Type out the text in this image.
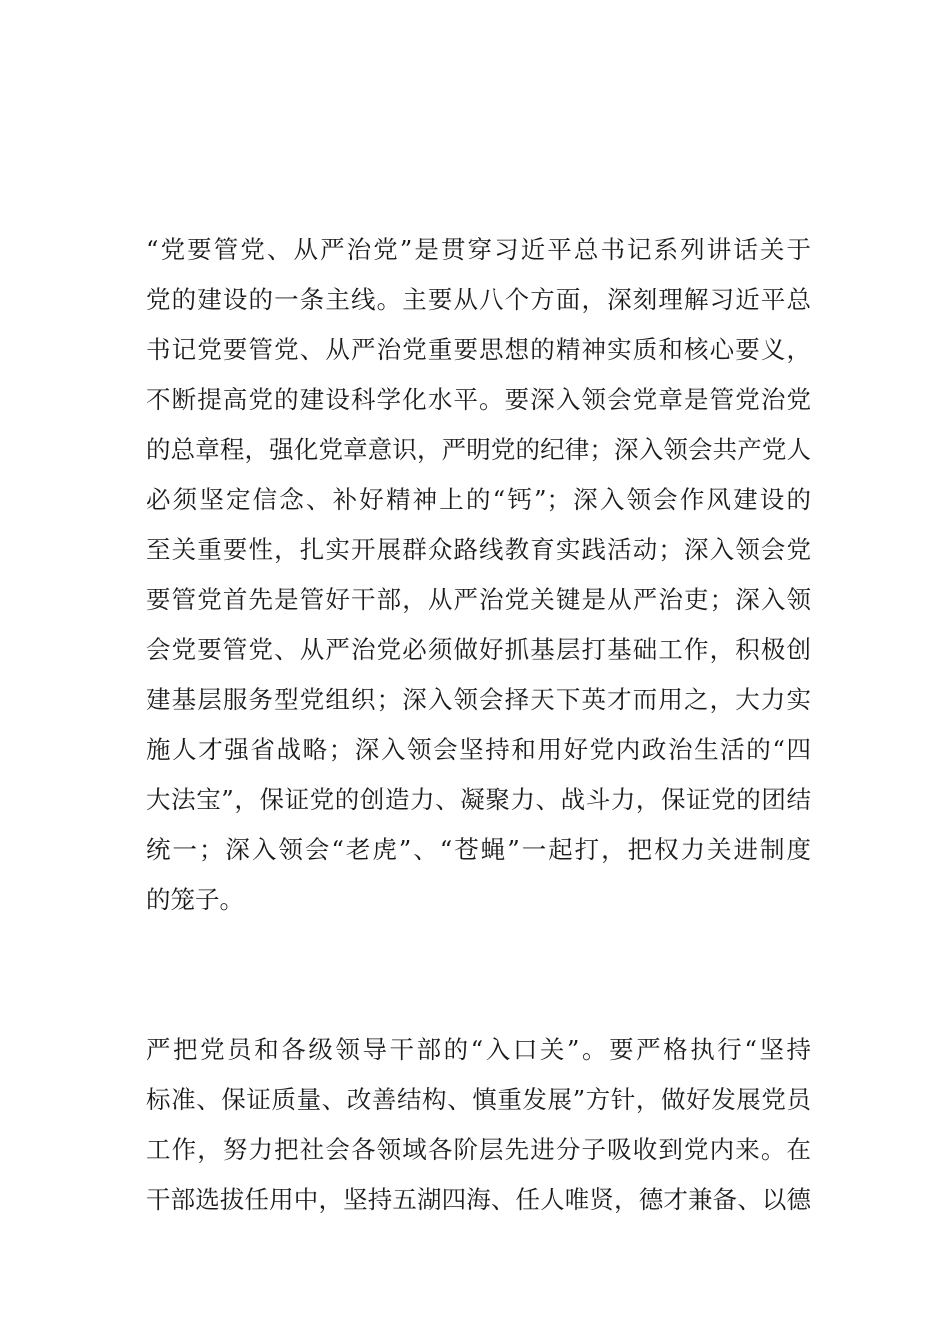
“党要管党、从严治党”是贯穿习近平总书记系列讲话关于
党的建设的一条主线。主要从八个方面，深刻理解习近平总
书记党要管党、从严治党重要思想的精神实质和核心要义，
不断提高党的建设科学化水平。要深入领会党章是管党治党
的总章程，强化党章意识，严明党的纪律；深入领会共产党人
必须坚定信念、补好精神上的“钙”；深入领会作风建设的
至关重要性，扎实开展群众路线教育实践活动；深入领会党
要管党首先是管好干部，从严治党关键是从严治吏；深入领
会党要管党、从严治党必须做好抓基层打基础工作，积极创
建基层服务型党组织；深入领会择天下英才而用之，大力实
施人才强省战略；深入领会坚持和用好党内政治生活的“四
大法宝”，保证党的创造力、凝聚力、战斗力，保证党的团结
统一；深入领会“老虎”、“苍蝇”一起打，把权力关进制度
的笼子。
严把党员和各级领导干部的“入口关”。要严格执行“坚持
标准、保证质量、改善结构、慎重发展”方针，做好发展党员
工作，努力把社会各领域各阶层先进分子吸收到党内来。在
干部选拔任用中，坚持五湖四海、任人唯贤，德才兼备、以德
